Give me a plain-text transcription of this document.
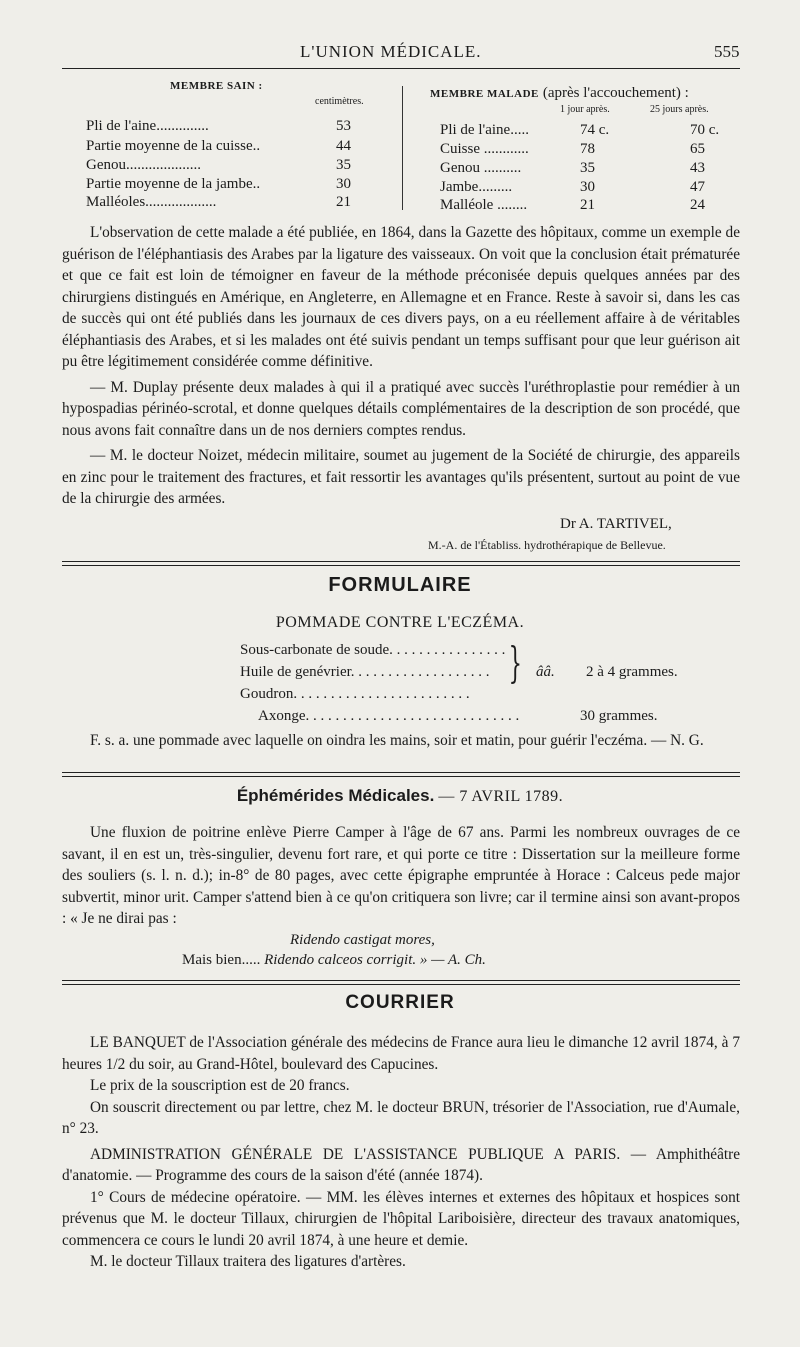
L'UNION MÉDICALE.	555
MEMBRE SAIN :
centimètres.
Pli de l'aine..............	53
Partie moyenne de la cuisse..	44
Genou....................	35
Partie moyenne de la jambe..	30
Malléoles...................	21
MEMBRE MALADE (après l'accouchement) :
1 jour après.	25 jours après.
Pli de l'aine.....	74 c.	70 c.
Cuisse ............	78	65
Genou ..........	35	43
Jambe.........	30	47
Malléole ........	21	24

L'observation de cette malade a été publiée, en 1864, dans la Gazette des hôpitaux, comme un exemple de guérison de l'éléphantiasis des Arabes par la ligature des vaisseaux. On voit que la conclusion était prématurée et que ce fait est loin de témoigner en faveur de la méthode préconisée depuis quelques années par des chirurgiens distingués en Amérique, en Angleterre, en Allemagne et en France. Reste à savoir si, dans les cas de succès qui ont été publiés dans les journaux de ces divers pays, on a eu réellement affaire à de véritables éléphantiasis des Arabes, et si les malades ont été suivis pendant un temps suffisant pour que leur guérison ait pu être légitimement considérée comme définitive.

— M. Duplay présente deux malades à qui il a pratiqué avec succès l'uréthroplastie pour remédier à un hypospadias périnéo-scrotal, et donne quelques détails complémentaires de la description de son procédé, que nous avons fait connaître dans un de nos derniers comptes rendus.

— M. le docteur Noizet, médecin militaire, soumet au jugement de la Société de chirurgie, des appareils en zinc pour le traitement des fractures, et fait ressortir les avantages qu'ils présentent, surtout au point de vue de la chirurgie des armées.

Dr A. TARTIVEL,
M.-A. de l'Établiss. hydrothérapique de Bellevue.
FORMULAIRE
POMMADE CONTRE L'ECZÉMA.
Sous-carbonate de soude. . . . . . . . . . . . . . . .
Huile de genévrier. . . . . . . . . . . . . . . . . . .
Goudron. . . . . . . . . . . . . . . . . . . . . . . .
} ââ. 2 à 4 grammes.
Axonge. . . . . . . . . . . . . . . . . . . . . . . . . . . . .	30 grammes.

F. s. a. une pommade avec laquelle on oindra les mains, soir et matin, pour guérir l'eczéma. — N. G.

Éphémérides Médicales. — 7 AVRIL 1789.

Une fluxion de poitrine enlève Pierre Camper à l'âge de 67 ans. Parmi les nombreux ouvrages de ce savant, il en est un, très-singulier, devenu fort rare, et qui porte ce titre : Dissertation sur la meilleure forme des souliers (s. l. n. d.); in-8° de 80 pages, avec cette épigraphe empruntée à Horace : Calceus pede major subvertit, minor urit. Camper s'attend bien à ce qu'on critiquera son livre; car il termine ainsi son avant-propos : « Je ne dirai pas :

Ridendo castigat mores,
Mais bien..... Ridendo calceos corrigit. » — A. Ch.
COURRIER

LE BANQUET de l'Association générale des médecins de France aura lieu le dimanche 12 avril 1874, à 7 heures 1/2 du soir, au Grand-Hôtel, boulevard des Capucines.

Le prix de la souscription est de 20 francs.

On souscrit directement ou par lettre, chez M. le docteur BRUN, trésorier de l'Association, rue d'Aumale, n° 23.

ADMINISTRATION GÉNÉRALE DE L'ASSISTANCE PUBLIQUE A PARIS. — Amphithéâtre d'anatomie. — Programme des cours de la saison d'été (année 1874).

1° Cours de médecine opératoire. — MM. les élèves internes et externes des hôpitaux et hospices sont prévenus que M. le docteur Tillaux, chirurgien de l'hôpital Lariboisière, directeur des travaux anatomiques, commencera ce cours le lundi 20 avril 1874, à une heure et demie.

M. le docteur Tillaux traitera des ligatures d'artères.
